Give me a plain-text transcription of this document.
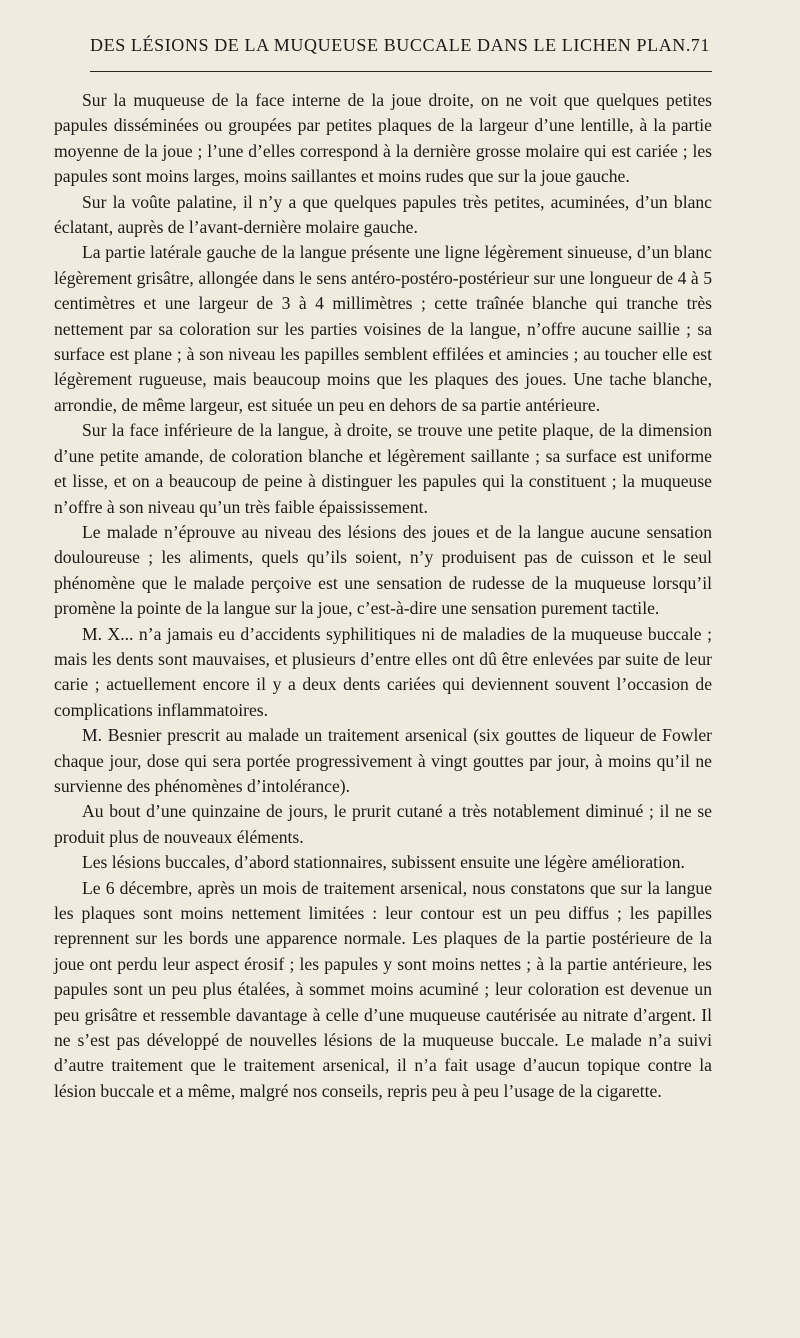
DES LÉSIONS DE LA MUQUEUSE BUCCALE DANS LE LICHEN PLAN. 71

Sur la muqueuse de la face interne de la joue droite, on ne voit que quelques petites papules disséminées ou groupées par petites plaques de la largeur d’une lentille, à la partie moyenne de la joue ; l’une d’elles correspond à la dernière grosse molaire qui est cariée ; les papules sont moins larges, moins saillantes et moins rudes que sur la joue gauche.

Sur la voûte palatine, il n’y a que quelques papules très petites, acuminées, d’un blanc éclatant, auprès de l’avant-dernière molaire gauche.

La partie latérale gauche de la langue présente une ligne légèrement sinueuse, d’un blanc légèrement grisâtre, allongée dans le sens antéro-postéro-postérieur sur une longueur de 4 à 5 centimètres et une largeur de 3 à 4 millimètres ; cette traînée blanche qui tranche très nettement par sa coloration sur les parties voisines de la langue, n’offre aucune saillie ; sa surface est plane ; à son niveau les papilles semblent effilées et amincies ; au toucher elle est légèrement rugueuse, mais beaucoup moins que les plaques des joues. Une tache blanche, arrondie, de même largeur, est située un peu en dehors de sa partie antérieure.

Sur la face inférieure de la langue, à droite, se trouve une petite plaque, de la dimension d’une petite amande, de coloration blanche et légèrement saillante ; sa surface est uniforme et lisse, et on a beaucoup de peine à distinguer les papules qui la constituent ; la muqueuse n’offre à son niveau qu’un très faible épaississement.

Le malade n’éprouve au niveau des lésions des joues et de la langue aucune sensation douloureuse ; les aliments, quels qu’ils soient, n’y produisent pas de cuisson et le seul phénomène que le malade perçoive est une sensation de rudesse de la muqueuse lorsqu’il promène la pointe de la langue sur la joue, c’est-à-dire une sensation purement tactile.

M. X... n’a jamais eu d’accidents syphilitiques ni de maladies de la muqueuse buccale ; mais les dents sont mauvaises, et plusieurs d’entre elles ont dû être enlevées par suite de leur carie ; actuellement encore il y a deux dents cariées qui deviennent souvent l’occasion de complications inflammatoires.

M. Besnier prescrit au malade un traitement arsenical (six gouttes de liqueur de Fowler chaque jour, dose qui sera portée progressivement à vingt gouttes par jour, à moins qu’il ne survienne des phénomènes d’intolérance).

Au bout d’une quinzaine de jours, le prurit cutané a très notablement diminué ; il ne se produit plus de nouveaux éléments.

Les lésions buccales, d’abord stationnaires, subissent ensuite une légère amélioration.

Le 6 décembre, après un mois de traitement arsenical, nous constatons que sur la langue les plaques sont moins nettement limitées : leur contour est un peu diffus ; les papilles reprennent sur les bords une apparence normale. Les plaques de la partie postérieure de la joue ont perdu leur aspect érosif ; les papules y sont moins nettes ; à la partie antérieure, les papules sont un peu plus étalées, à sommet moins acuminé ; leur coloration est devenue un peu grisâtre et ressemble davantage à celle d’une muqueuse cautérisée au nitrate d’argent. Il ne s’est pas développé de nouvelles lésions de la muqueuse buccale. Le malade n’a suivi d’autre traitement que le traitement arsenical, il n’a fait usage d’aucun topique contre la lésion buccale et a même, malgré nos conseils, repris peu à peu l’usage de la cigarette.
